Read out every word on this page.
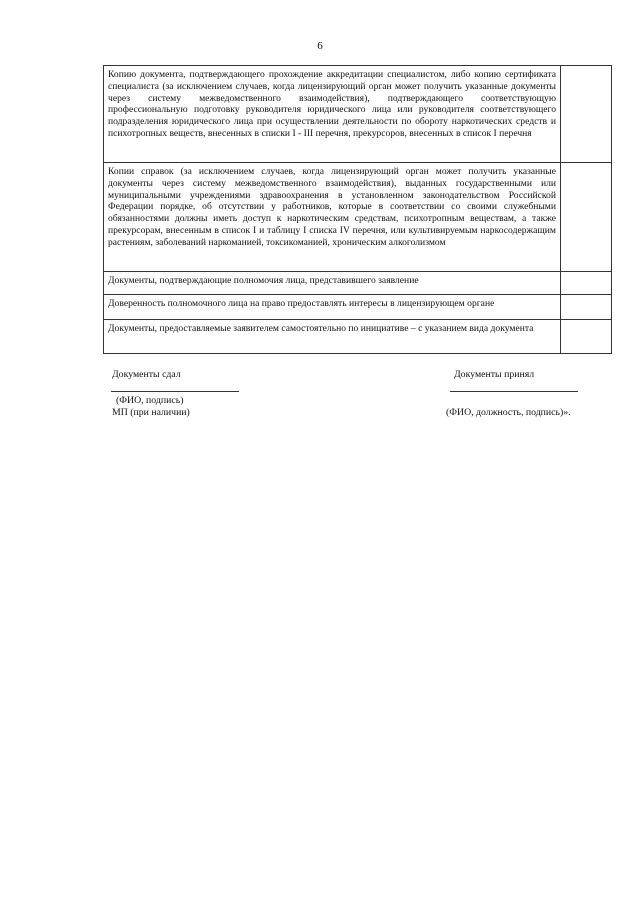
6
Копию документа, подтверждающего прохождение аккредитации специалистом, либо копию сертификата специалиста (за исключением случаев, когда лицензирующий орган может получить указанные документы через систему межведомственного взаимодействия), подтверждающего соответствующую профессиональную подготовку руководителя юридического лица или руководителя соответствующего подразделения юридического лица при осуществлении деятельности по обороту наркотических средств и психотропных веществ, внесенных в списки I - III перечня, прекурсоров, внесенных в список I перечня	
Копии справок (за исключением случаев, когда лицензирующий орган может получить указанные документы через систему межведомственного взаимодействия), выданных государственными или муниципальными учреждениями здравоохранения в установленном законодательством Российской Федерации порядке, об отсутствии у работников, которые в соответствии со своими служебными обязанностями должны иметь доступ к наркотическим средствам, психотропным веществам, а также прекурсорам, внесенным в список I и таблицу I списка IV перечня, или культивируемым наркосодержащим растениям, заболеваний наркоманией, токсикоманией, хроническим алкоголизмом	
Документы, подтверждающие полномочия лица, представившего заявление	
Доверенность полномочного лица на право предоставлять интересы в лицензирующем органе	
Документы, предоставляемые заявителем самостоятельно по инициативе – с указанием вида документа	
Документы сдал
(ФИО, подпись)
МП (при наличии)
Документы принял
(ФИО, должность, подпись)».
